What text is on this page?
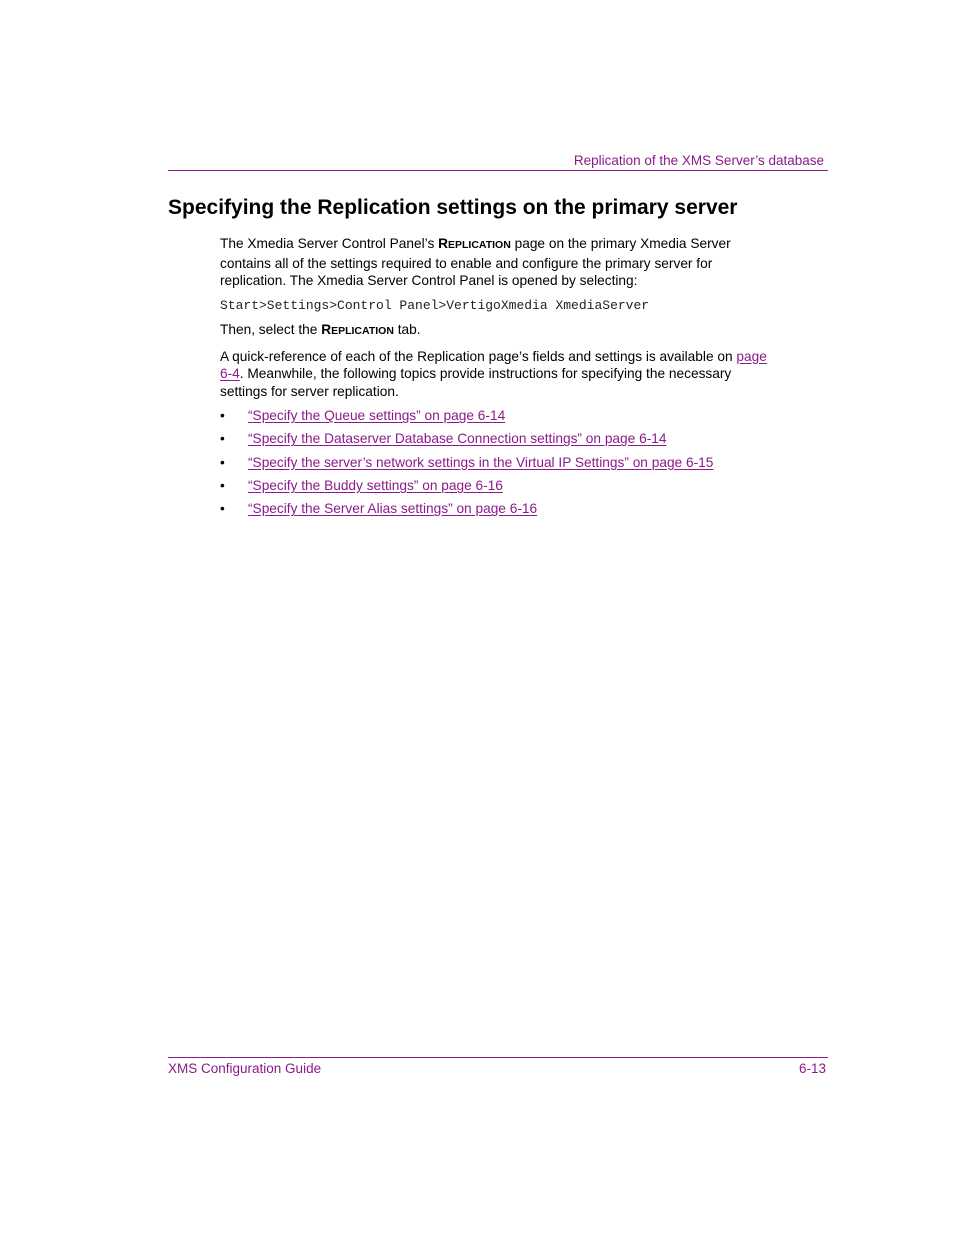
Replication of the XMS Server’s database
Specifying the Replication settings on the primary server

The Xmedia Server Control Panel’s REPLICATION page on the primary Xmedia Server contains all of the settings required to enable and configure the primary server for replication. The Xmedia Server Control Panel is opened by selecting:

Start>Settings>Control Panel>VertigoXmedia XmediaServer

Then, select the REPLICATION tab.

A quick-reference of each of the Replication page’s fields and settings is available on page 6-4. Meanwhile, the following topics provide instructions for specifying the necessary settings for server replication.

• “Specify the Queue settings” on page 6-14
• “Specify the Dataserver Database Connection settings” on page 6-14
• “Specify the server’s network settings in the Virtual IP Settings” on page 6-15
• “Specify the Buddy settings” on page 6-16
• “Specify the Server Alias settings” on page 6-16
XMS Configuration Guide	6-13
